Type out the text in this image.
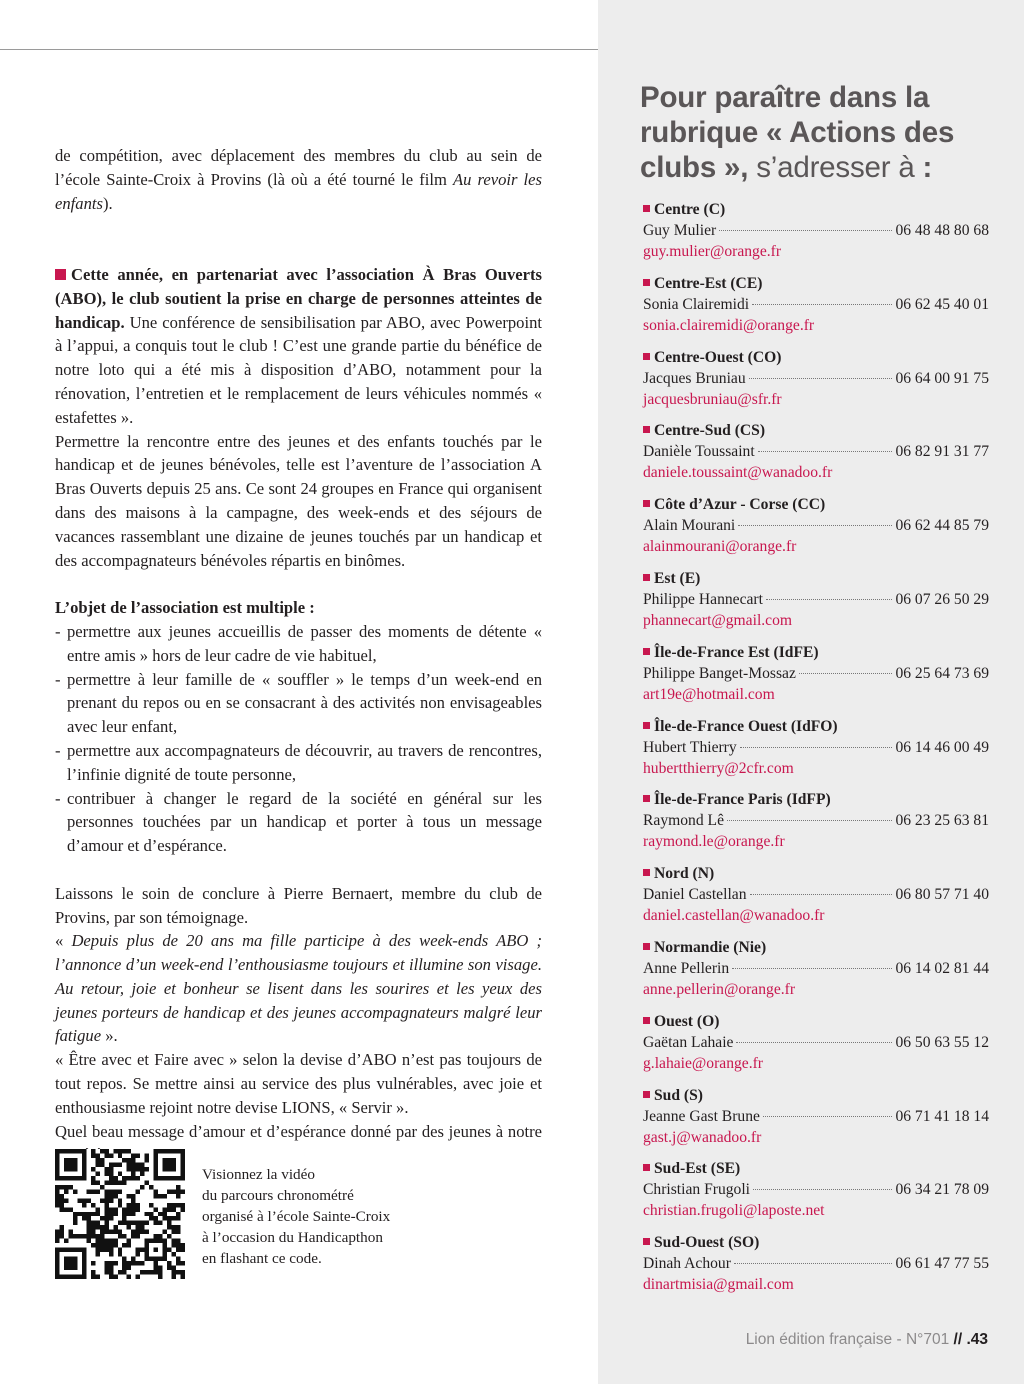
de compétition, avec déplacement des membres du club au sein de l’école Sainte-Croix à Provins (là où a été tourné le film Au revoir les enfants).

Cette année, en partenariat avec l’association À Bras Ouverts (ABO), le club soutient la prise en charge de personnes atteintes de handicap. Une conférence de sensibilisation par ABO, avec Powerpoint à l’appui, a conquis tout le club ! C’est une grande partie du bénéfice de notre loto qui a été mis à disposition d’ABO, notamment pour la rénovation, l’entretien et le remplacement de leurs véhicules nommés « estafettes ».

Permettre la rencontre entre des jeunes et des enfants touchés par le handicap et de jeunes bénévoles, telle est l’aventure de l’association A Bras Ouverts depuis 25 ans. Ce sont 24 groupes en France qui organisent dans des maisons à la campagne, des week-ends et des séjours de vacances rassemblant une dizaine de jeunes touchés par un handicap et des accompagnateurs bénévoles répartis en binômes.

L’objet de l’association est multiple :

- permettre aux jeunes accueillis de passer des moments de détente « entre amis » hors de leur cadre de vie habituel,
- permettre à leur famille de « souffler » le temps d’un week-end en prenant du repos ou en se consacrant à des activités non envisageables avec leur enfant,
- permettre aux accompagnateurs de découvrir, au travers de rencontres, l’infinie dignité de toute personne,
- contribuer à changer le regard de la société en général sur les personnes touchées par un handicap et porter à tous un message d’amour et d’espérance.

Laissons le soin de conclure à Pierre Bernaert, membre du club de Provins, par son témoignage.

« Depuis plus de 20 ans ma fille participe à des week-ends ABO ; l’annonce d’un week-end l’enthousiasme toujours et illumine son visage. Au retour, joie et bonheur se lisent dans les sourires et les yeux des jeunes porteurs de handicap et des jeunes accompagnateurs malgré leur fatigue ».

« Être avec et Faire avec » selon la devise d’ABO n’est pas toujours de tout repos. Se mettre ainsi au service des plus vulnérables, avec joie et enthousiasme rejoint notre devise LIONS, « Servir ».

Quel beau message d’amour et d’espérance donné par des jeunes à notre

Visionnez la vidéo
du parcours chronométré
organisé à l’école Sainte-Croix
à l’occasion du Handicapthon
en flashant ce code.
Pour paraître dans la rubrique « Actions des clubs », s’adresser à :
Centre (C)
Guy Mulier	06 48 48 80 68
guy.mulier@orange.fr
Centre-Est (CE)
Sonia Clairemidi	06 62 45 40 01
sonia.clairemidi@orange.fr
Centre-Ouest (CO)
Jacques Bruniau	06 64 00 91 75
jacquesbruniau@sfr.fr
Centre-Sud (CS)
Danièle Toussaint	06 82 91 31 77
daniele.toussaint@wanadoo.fr
Côte d’Azur - Corse (CC)
Alain Mourani	06 62 44 85 79
alainmourani@orange.fr
Est (E)
Philippe Hannecart	06 07 26 50 29
phannecart@gmail.com
Île-de-France Est (IdFE)
Philippe Banget-Mossaz	06 25 64 73 69
art19e@hotmail.com
Île-de-France Ouest (IdFO)
Hubert Thierry	06 14 46 00 49
hubertthierry@2cfr.com
Île-de-France Paris (IdFP)
Raymond Lê	06 23 25 63 81
raymond.le@orange.fr
Nord (N)
Daniel Castellan	06 80 57 71 40
daniel.castellan@wanadoo.fr
Normandie (Nie)
Anne Pellerin	06 14 02 81 44
anne.pellerin@orange.fr
Ouest (O)
Gaëtan Lahaie	06 50 63 55 12
g.lahaie@orange.fr
Sud (S)
Jeanne Gast Brune	06 71 41 18 14
gast.j@wanadoo.fr
Sud-Est (SE)
Christian Frugoli	06 34 21 78 09
christian.frugoli@laposte.net
Sud-Ouest (SO)
Dinah Achour	06 61 47 77 55
dinartmisia@gmail.com
Lion édition française - N°701 // .43
